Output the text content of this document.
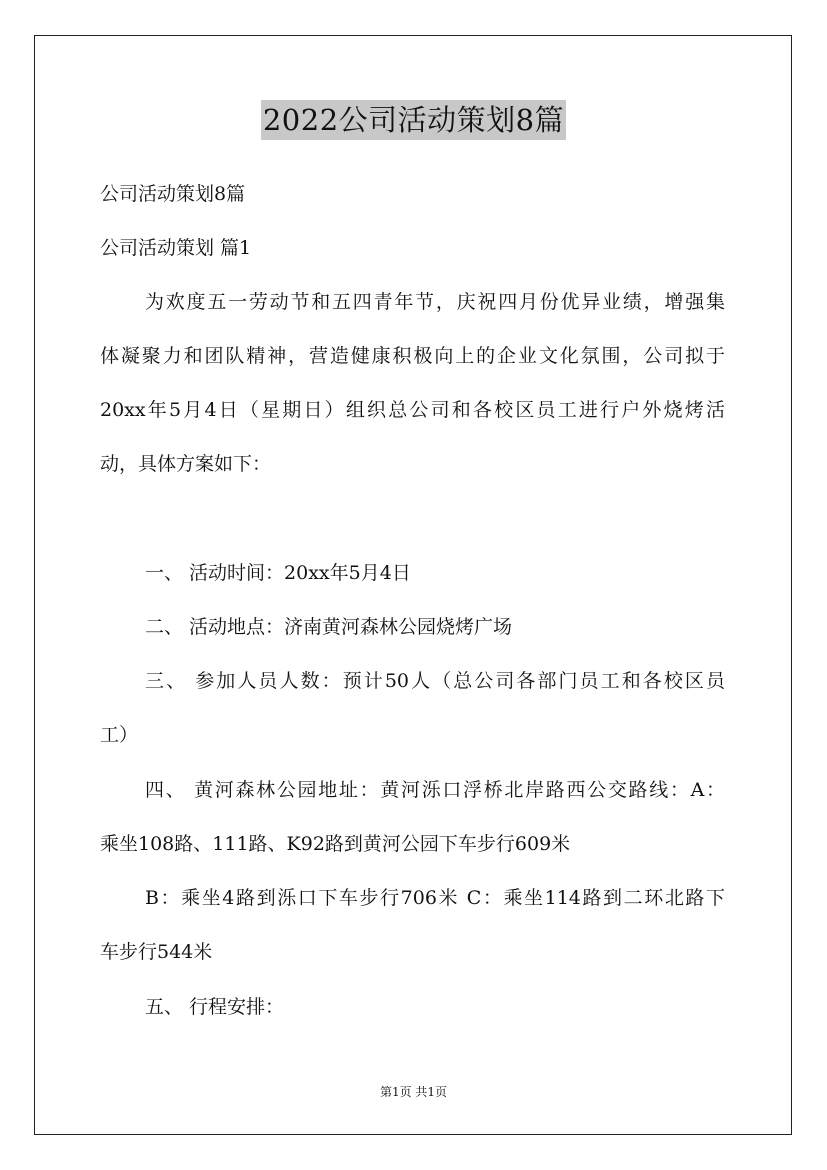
2022公司活动策划8篇
公司活动策划8篇
公司活动策划 篇1
为欢度五一劳动节和五四青年节，庆祝四月份优异业绩，增强集
体凝聚力和团队精神，营造健康积极向上的企业文化氛围，公司拟于
20xx年5月4日（星期日）组织总公司和各校区员工进行户外烧烤活
动，具体方案如下：
一、 活动时间：20xx年5月4日
二、 活动地点：济南黄河森林公园烧烤广场
三、 参加人员人数：预计50人（总公司各部门员工和各校区员
工）
四、 黄河森林公园地址：黄河泺口浮桥北岸路西公交路线：A：
乘坐108路、111路、K92路到黄河公园下车步行609米
B：乘坐4路到泺口下车步行706米 C：乘坐114路到二环北路下
车步行544米
五、 行程安排：
第1页 共1页
